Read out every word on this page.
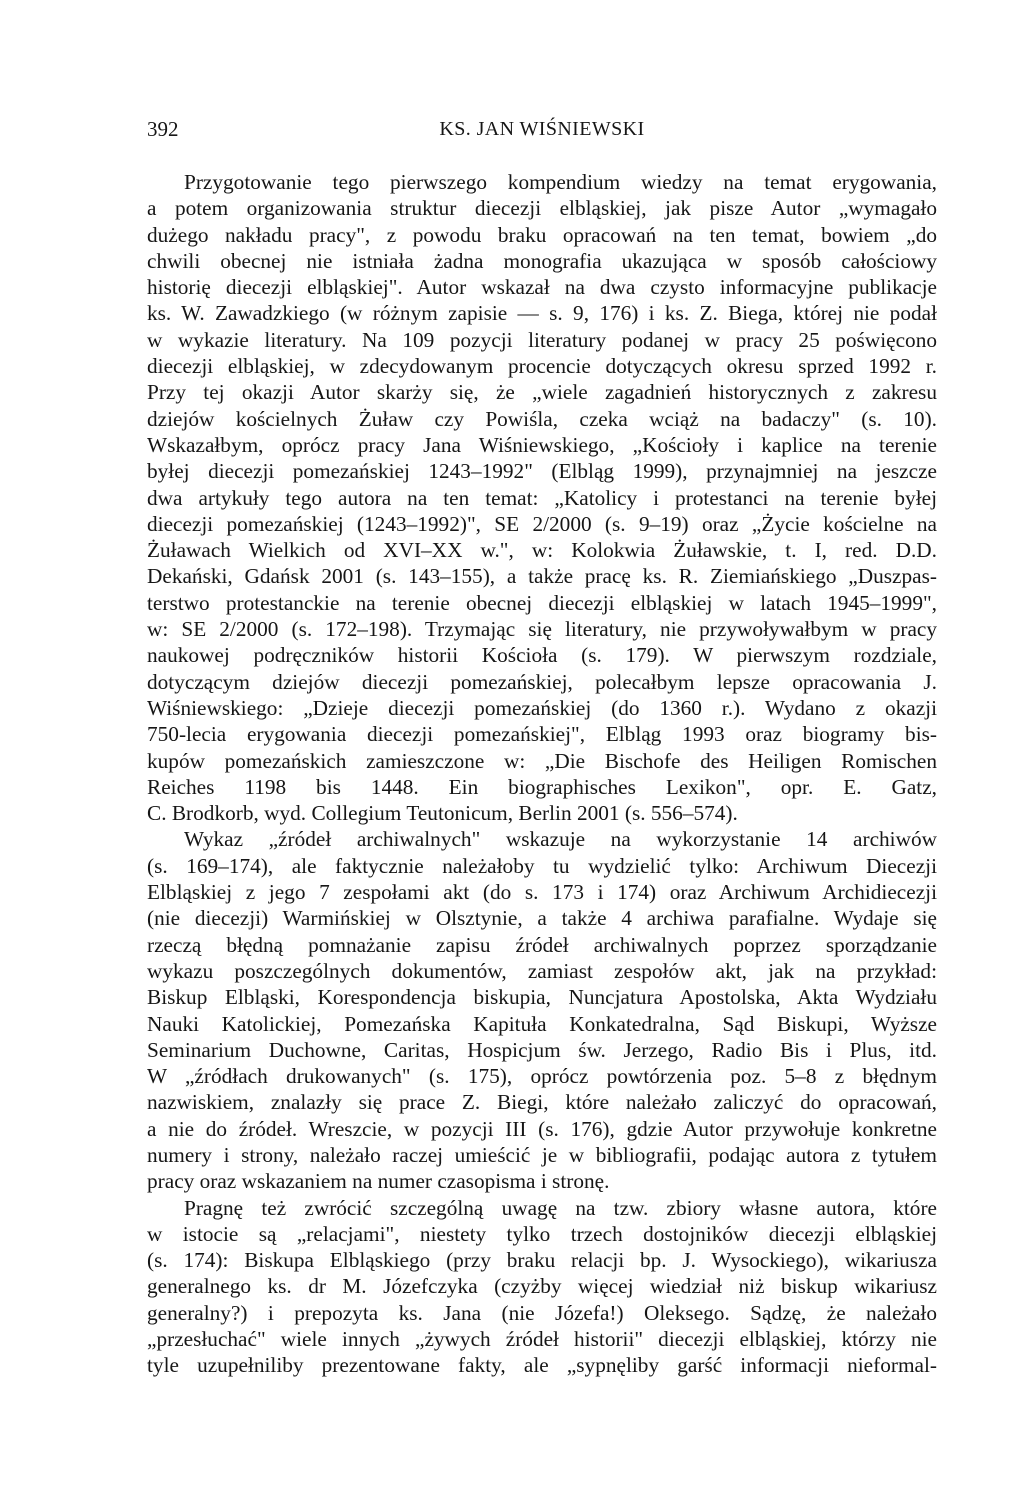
392	KS. JAN WIŚNIEWSKI
Przygotowanie tego pierwszego kompendium wiedzy na temat erygowania,
a potem organizowania struktur diecezji elbląskiej, jak pisze Autor „wymagało
dużego nakładu pracy", z powodu braku opracowań na ten temat, bowiem „do
chwili obecnej nie istniała żadna monografia ukazująca w sposób całościowy
historię diecezji elbląskiej". Autor wskazał na dwa czysto informacyjne publikacje
ks. W. Zawadzkiego (w różnym zapisie — s. 9, 176) i ks. Z. Biega, której nie podał
w wykazie literatury. Na 109 pozycji literatury podanej w pracy 25 poświęcono
diecezji elbląskiej, w zdecydowanym procencie dotyczących okresu sprzed 1992 r.
Przy tej okazji Autor skarży się, że „wiele zagadnień historycznych z zakresu
dziejów kościelnych Żuław czy Powiśla, czeka wciąż na badaczy" (s. 10).
Wskazałbym, oprócz pracy Jana Wiśniewskiego, „Kościoły i kaplice na terenie
byłej diecezji pomezańskiej 1243–1992" (Elbląg 1999), przynajmniej na jeszcze
dwa artykuły tego autora na ten temat: „Katolicy i protestanci na terenie byłej
diecezji pomezańskiej (1243–1992)", SE 2/2000 (s. 9–19) oraz „Życie kościelne na
Żuławach Wielkich od XVI–XX w.", w: Kolokwia Żuławskie, t. I, red. D.D.
Dekański, Gdańsk 2001 (s. 143–155), a także pracę ks. R. Ziemiańskiego „Duszpas-
terstwo protestanckie na terenie obecnej diecezji elbląskiej w latach 1945–1999",
w: SE 2/2000 (s. 172–198). Trzymając się literatury, nie przywoływałbym w pracy
naukowej podręczników historii Kościoła (s. 179). W pierwszym rozdziale,
dotyczącym dziejów diecezji pomezańskiej, polecałbym lepsze opracowania J.
Wiśniewskiego: „Dzieje diecezji pomezańskiej (do 1360 r.). Wydano z okazji
750-lecia erygowania diecezji pomezańskiej", Elbląg 1993 oraz biogramy bis-
kupów pomezańskich zamieszczone w: „Die Bischofe des Heiligen Romischen
Reiches 1198 bis 1448. Ein biographisches Lexikon", opr. E. Gatz,
C. Brodkorb, wyd. Collegium Teutonicum, Berlin 2001 (s. 556–574).
Wykaz „źródeł archiwalnych" wskazuje na wykorzystanie 14 archiwów
(s. 169–174), ale faktycznie należałoby tu wydzielić tylko: Archiwum Diecezji
Elbląskiej z jego 7 zespołami akt (do s. 173 i 174) oraz Archiwum Archidiecezji
(nie diecezji) Warmińskiej w Olsztynie, a także 4 archiwa parafialne. Wydaje się
rzeczą błędną pomnażanie zapisu źródeł archiwalnych poprzez sporządzanie
wykazu poszczególnych dokumentów, zamiast zespołów akt, jak na przykład:
Biskup Elbląski, Korespondencja biskupia, Nuncjatura Apostolska, Akta Wydziału
Nauki Katolickiej, Pomezańska Kapituła Konkatedralna, Sąd Biskupi, Wyższe
Seminarium Duchowne, Caritas, Hospicjum św. Jerzego, Radio Bis i Plus, itd.
W „źródłach drukowanych" (s. 175), oprócz powtórzenia poz. 5–8 z błędnym
nazwiskiem, znalazły się prace Z. Biegi, które należało zaliczyć do opracowań,
a nie do źródeł. Wreszcie, w pozycji III (s. 176), gdzie Autor przywołuje konkretne
numery i strony, należało raczej umieścić je w bibliografii, podając autora z tytułem
pracy oraz wskazaniem na numer czasopisma i stronę.
Pragnę też zwrócić szczególną uwagę na tzw. zbiory własne autora, które
w istocie są „relacjami", niestety tylko trzech dostojników diecezji elbląskiej
(s. 174): Biskupa Elbląskiego (przy braku relacji bp. J. Wysockiego), wikariusza
generalnego ks. dr M. Józefczyka (czyżby więcej wiedział niż biskup wikariusz
generalny?) i prepozyta ks. Jana (nie Józefa!) Oleksego. Sądzę, że należało
„przesłuchać" wiele innych „żywych źródeł historii" diecezji elbląskiej, którzy nie
tyle uzupełniliby prezentowane fakty, ale „sypnęliby garść informacji nieformal-
